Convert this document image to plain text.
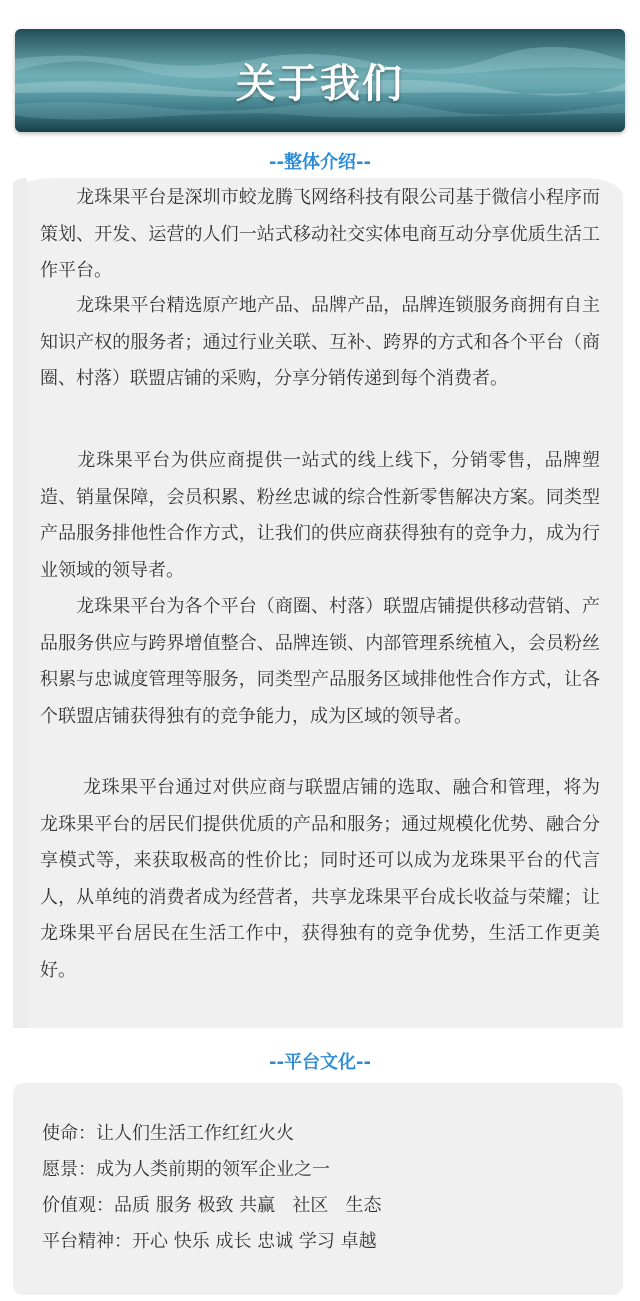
关于我们
--整体介绍--

　　龙珠果平台是深圳市蛟龙腾飞网络科技有限公司基于微信小程序而策划、开发、运营的人们一站式移动社交实体电商互动分享优质生活工作平台。

　　龙珠果平台精选原产地产品、品牌产品，品牌连锁服务商拥有自主知识产权的服务者；通过行业关联、互补、跨界的方式和各个平台（商圈、村落）联盟店铺的采购，分享分销传递到每个消费者。

　　龙珠果平台为供应商提供一站式的线上线下，分销零售，品牌塑造、销量保障，会员积累、粉丝忠诚的综合性新零售解决方案。同类型产品服务排他性合作方式，让我们的供应商获得独有的竞争力，成为行业领域的领导者。

　　龙珠果平台为各个平台（商圈、村落）联盟店铺提供移动营销、产品服务供应与跨界增值整合、品牌连锁、内部管理系统植入，会员粉丝积累与忠诚度管理等服务，同类型产品服务区域排他性合作方式，让各个联盟店铺获得独有的竞争能力，成为区域的领导者。

　　 龙珠果平台通过对供应商与联盟店铺的选取、融合和管理，将为龙珠果平台的居民们提供优质的产品和服务；通过规模化优势、融合分享模式等，来获取极高的性价比；同时还可以成为龙珠果平台的代言人，从单纯的消费者成为经营者，共享龙珠果平台成长收益与荣耀；让龙珠果平台居民在生活工作中，获得独有的竞争优势，生活工作更美好。

--平台文化--
使命：让人们生活工作红红火火
愿景：成为人类前期的领军企业之一
价值观：品质 服务 极致 共赢   社区   生态
平台精神：开心 快乐 成长 忠诚 学习 卓越
